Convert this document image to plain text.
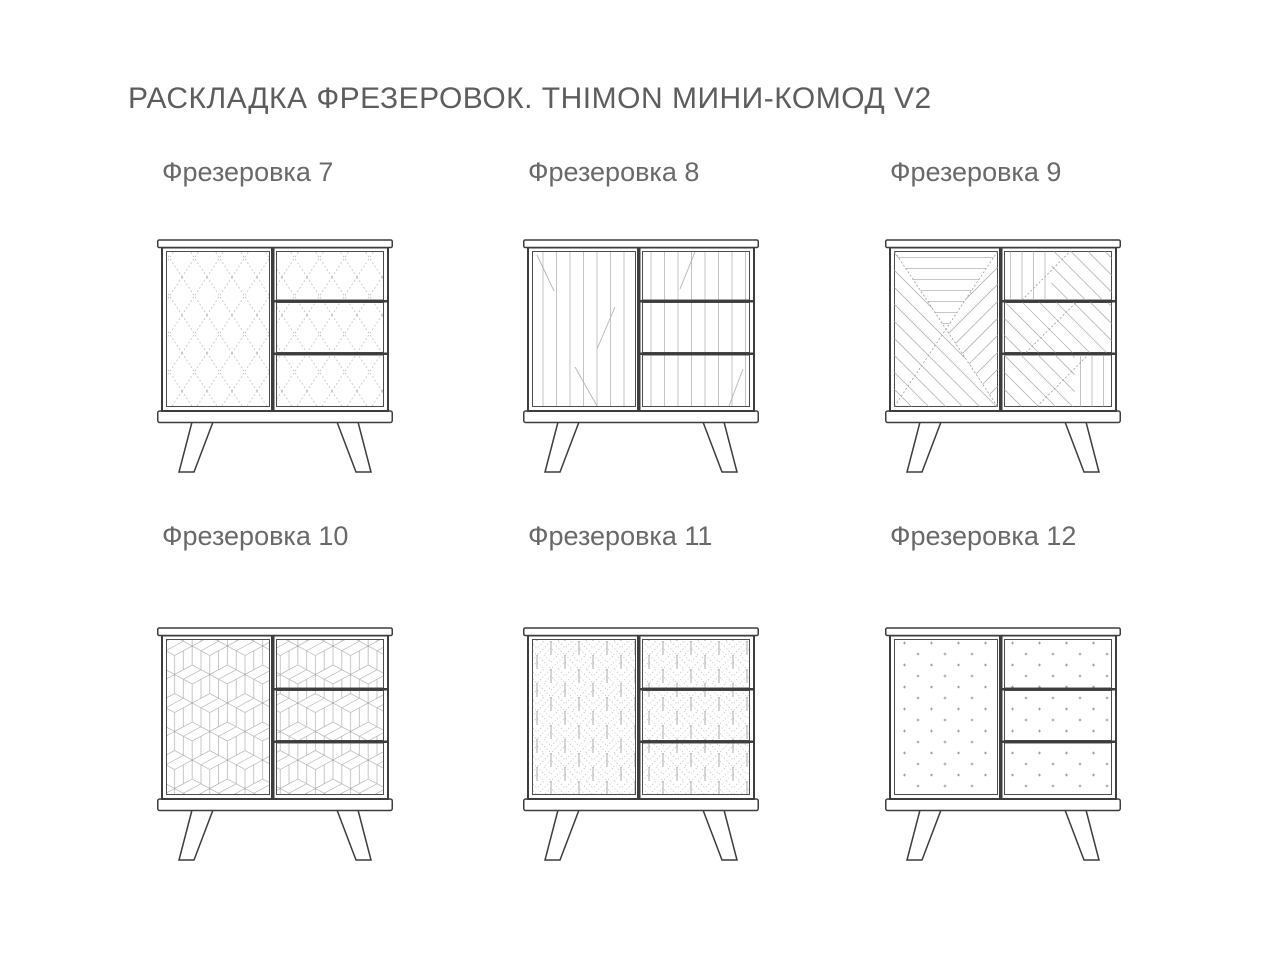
РАСКЛАДКА ФРЕЗЕРОВОК. THIMON МИНИ-КОМОД V2
Фрезеровка 7	Фрезеровка 8	Фрезеровка 9
Фрезеровка 10	Фрезеровка 11	Фрезеровка 12
